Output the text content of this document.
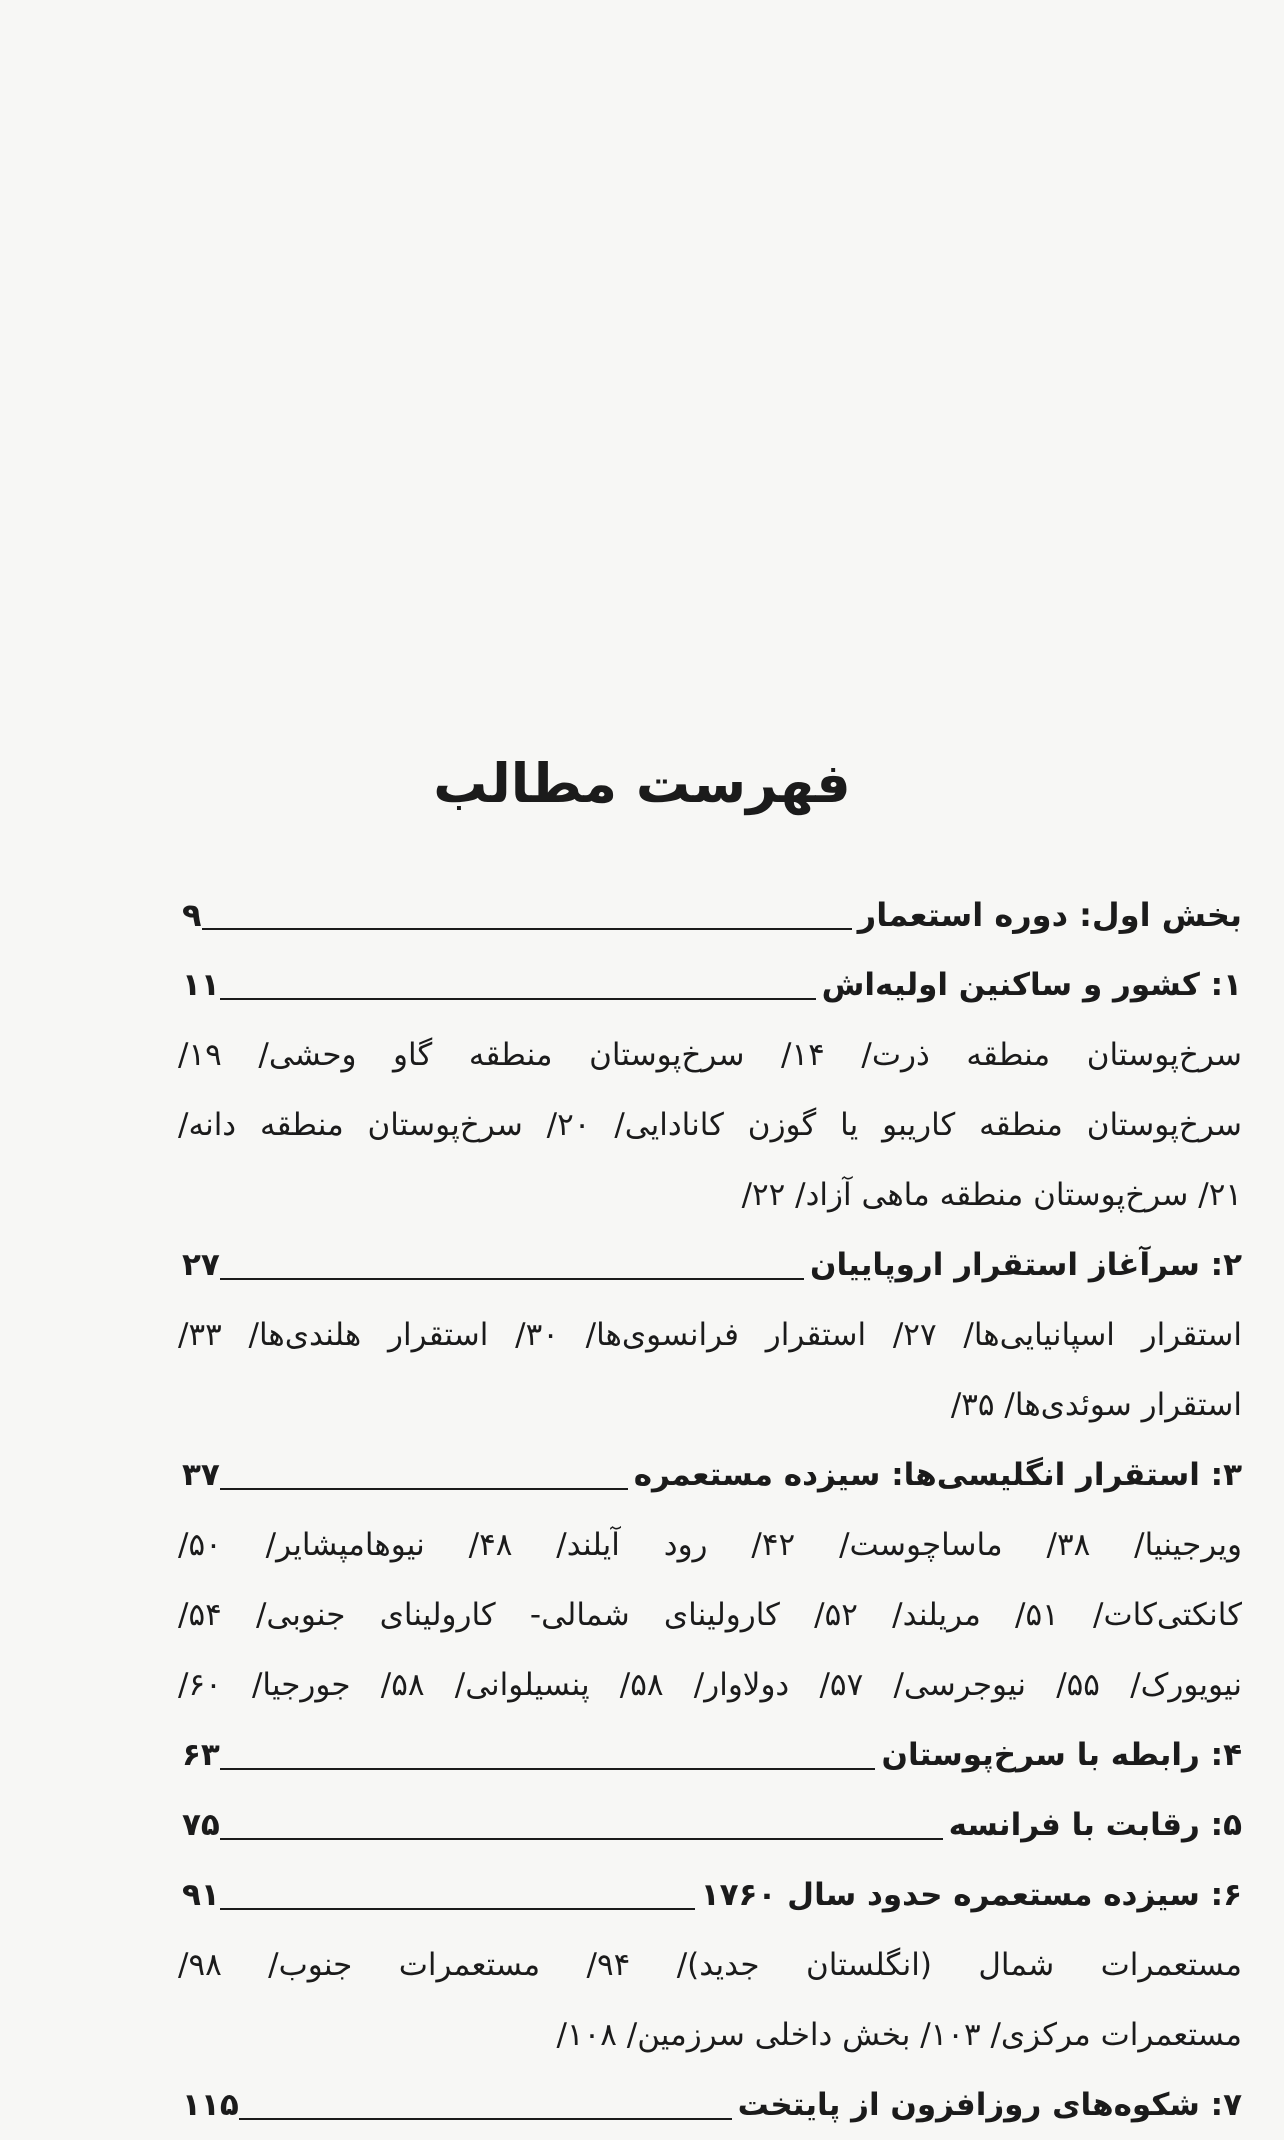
فهرست مطالب
بخش اول: دوره استعمار
۹
۱: کشور و ساکنین اولیه‌اش
۱۱
سرخ‌پوستان منطقه ذرت/ ۱۴/ سرخ‌پوستان منطقه گاو وحشی/ ۱۹/
سرخ‌پوستان منطقه کاریبو یا گوزن کانادایی/ ۲۰/ سرخ‌پوستان منطقه دانه/
۲۱/ سرخ‌پوستان منطقه ماهی آزاد/ ۲۲/
۲: سرآغاز استقرار اروپاییان
۲۷
استقرار اسپانیایی‌ها/ ۲۷/ استقرار فرانسوی‌ها/ ۳۰/ استقرار هلندی‌ها/ ۳۳/
استقرار سوئدی‌ها/ ۳۵/
۳: استقرار انگلیسی‌ها: سیزده مستعمره
۳۷
ویرجینیا/ ۳۸/ ماساچوست/ ۴۲/ رود آیلند/ ۴۸/ نیوهامپشایر/ ۵۰/
کانکتی‌کات/ ۵۱/ مریلند/ ۵۲/ کارولینای شمالی- کارولینای جنوبی/ ۵۴/
نیویورک/ ۵۵/ نیوجرسی/ ۵۷/ دولاوار/ ۵۸/ پنسیلوانی/ ۵۸/ جورجیا/ ۶۰/
۴: رابطه با سرخ‌پوستان
۶۳
۵: رقابت با فرانسه
۷۵
۶: سیزده مستعمره حدود سال ۱۷۶۰
۹۱
مستعمرات شمال (انگلستان جدید)/ ۹۴/ مستعمرات جنوب/ ۹۸/
مستعمرات مرکزی/ ۱۰۳/ بخش داخلی سرزمین/ ۱۰۸/
۷: شکوه‌های روزافزون از پایتخت
۱۱۵
